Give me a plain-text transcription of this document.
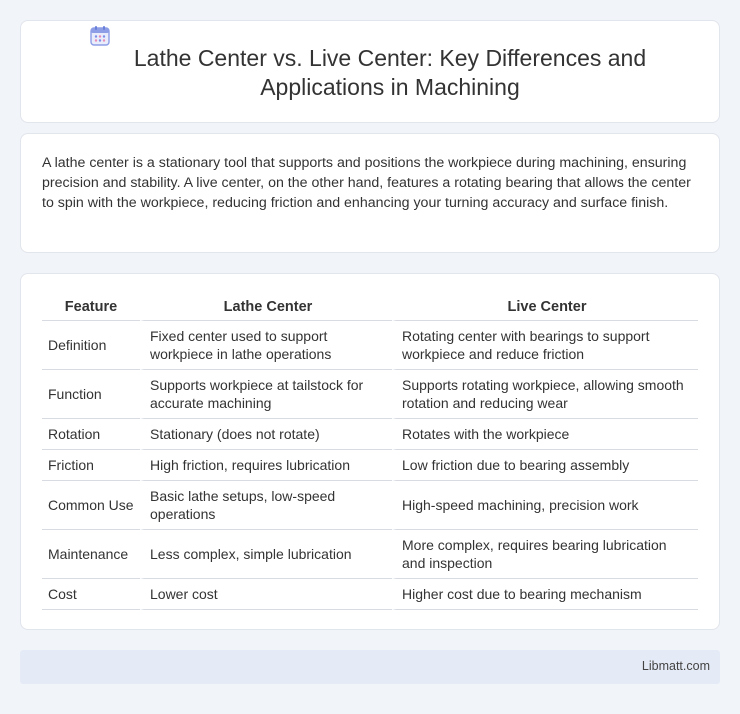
Lathe Center vs. Live Center: Key Differences and Applications in Machining

A lathe center is a stationary tool that supports and positions the workpiece during machining, ensuring precision and stability. A live center, on the other hand, features a rotating bearing that allows the center to spin with the workpiece, reducing friction and enhancing your turning accuracy and surface finish.

Feature	Lathe Center	Live Center
Definition	Fixed center used to support workpiece in lathe operations	Rotating center with bearings to support workpiece and reduce friction
Function	Supports workpiece at tailstock for accurate machining	Supports rotating workpiece, allowing smooth rotation and reducing wear
Rotation	Stationary (does not rotate)	Rotates with the workpiece
Friction	High friction, requires lubrication	Low friction due to bearing assembly
Common Use	Basic lathe setups, low-speed operations	High-speed machining, precision work
Maintenance	Less complex, simple lubrication	More complex, requires bearing lubrication and inspection
Cost	Lower cost	Higher cost due to bearing mechanism
Libmatt.com
